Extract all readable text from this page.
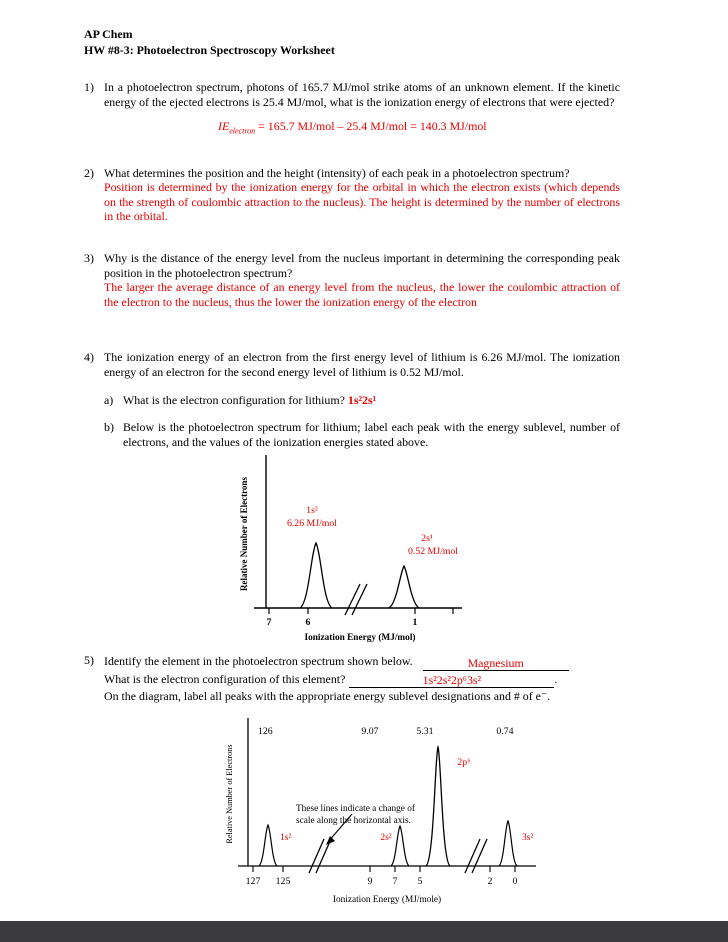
AP Chem
HW #8-3: Photoelectron Spectroscopy Worksheet
1) In a photoelectron spectrum, photons of 165.7 MJ/mol strike atoms of an unknown element. If the kinetic energy of the ejected electrons is 25.4 MJ/mol, what is the ionization energy of electrons that were ejected?

$IE_{electron} = 165.7$ MJ/mol – 25.4 MJ/mol = 140.3 MJ/mol

2) What determines the position and the height (intensity) of each peak in a photoelectron spectrum?

Position is determined by the ionization energy for the orbital in which the electron exists (which depends on the strength of coulombic attraction to the nucleus). The height is determined by the number of electrons in the orbital.

3) Why is the distance of the energy level from the nucleus important in determining the corresponding peak position in the photoelectron spectrum?

The larger the average distance of an energy level from the nucleus, the lower the coulombic attraction of the electron to the nucleus, thus the lower the ionization energy of the electron

4) The ionization energy of an electron from the first energy level of lithium is 6.26 MJ/mol. The ionization energy of an electron for the second energy level of lithium is 0.52 MJ/mol.

a) What is the electron configuration for lithium? 1s²2s¹

b) Below is the photoelectron spectrum for lithium; label each peak with the energy sublevel, number of electrons, and the values of the ionization energies stated above.

Relative Number of Electrons	1s²
6.26 MJ/mol
2s¹
0.52 MJ/mol
7	6	1
Ionization Energy (MJ/mol)
5) Identify the element in the photoelectron spectrum shown below.	Magnesium

What is the electron configuration of this element?	1s²2s²2p⁶3s²	.

On the diagram, label all peaks with the appropriate energy sublevel designations and # of e⁻.

Relative Number of Electrons
126	9.07	5.31	0.74
1s²
These lines indicate a change of
scale along the horizontal axis.
2s²
2p⁶
3s²
127 125	9 7 5	2 0
Ionization Energy (MJ/mole)
